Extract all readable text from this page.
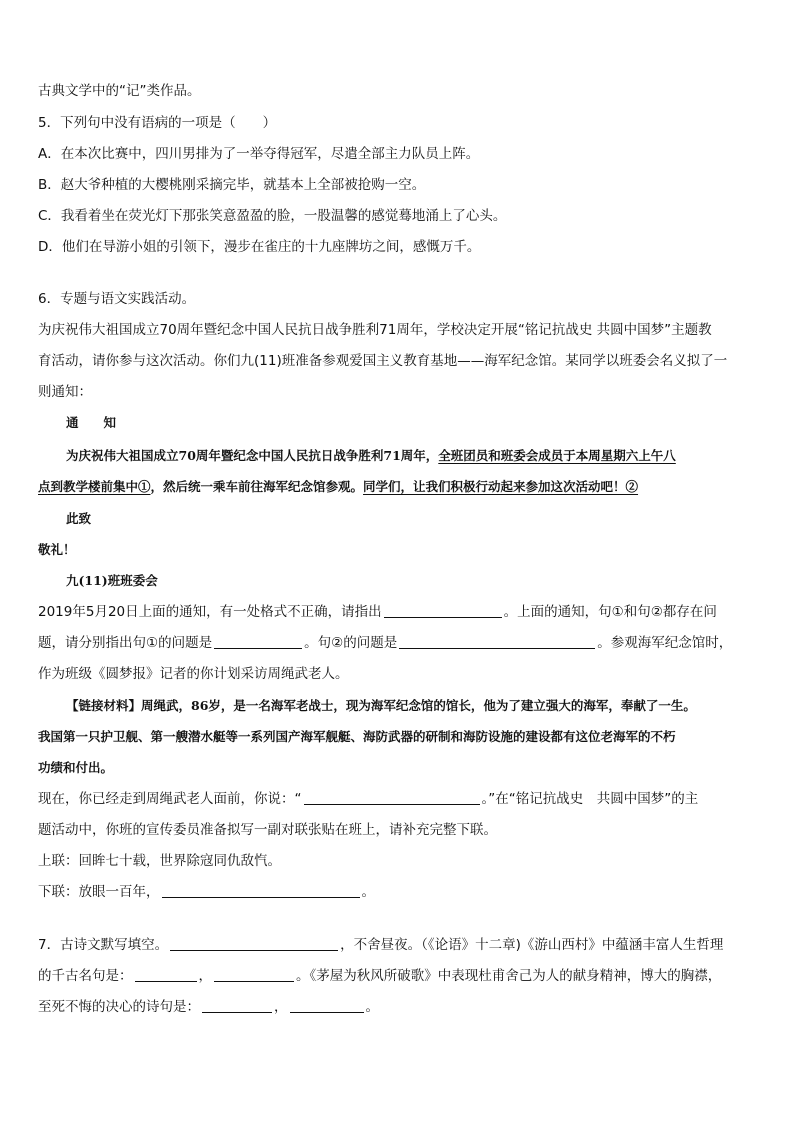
古典文学中的“记”类作品。
5．下列句中没有语病的一项是（　　）
A．在本次比赛中，四川男排为了一举夺得冠军，尽遣全部主力队员上阵。
B．赵大爷种植的大樱桃刚采摘完毕，就基本上全部被抢购一空。
C．我看着坐在荧光灯下那张笑意盈盈的脸，一股温馨的感觉蓦地涌上了心头。
D．他们在导游小姐的引领下，漫步在雀庄的十九座牌坊之间，感慨万千。
6．专题与语文实践活动。
为庆祝伟大祖国成立70周年暨纪念中国人民抗日战争胜利71周年，学校决定开展“铭记抗战史 共圆中国梦”主题教
育活动，请你参与这次活动。你们九(11)班准备参观爱国主义教育基地——海军纪念馆。某同学以班委会名义拟了一
则通知：
通　　知
为庆祝伟大祖国成立70周年暨纪念中国人民抗日战争胜利71周年，全班团员和班委会成员于本周星期六上午八
点到教学楼前集中①，然后统一乘车前往海军纪念馆参观。同学们，让我们积极行动起来参加这次活动吧！②
此致
敬礼！
九(11)班班委会
2019年5月20日上面的通知，有一处格式不正确，请指出	。上面的通知，句①和句②都存在问
题，请分别指出句①的问题是	。句②的问题是	。参观海军纪念馆时，
作为班级《圆梦报》记者的你计划采访周绳武老人。
【链接材料】周绳武，86岁，是一名海军老战士，现为海军纪念馆的馆长，他为了建立强大的海军，奉献了一生。
我国第一只护卫舰、第一艘潜水艇等一系列国产海军舰艇、海防武器的研制和海防设施的建设都有这位老海军的不朽
功绩和付出。
现在，你已经走到周绳武老人面前，你说：“	。”在“铭记抗战史　共圆中国梦”的主
题活动中，你班的宣传委员准备拟写一副对联张贴在班上，请补充完整下联。
上联：回眸七十载，世界除寇同仇敌忾。
下联：放眼一百年，	。
7．古诗文默写填空。	，不舍昼夜。（《论语》十二章)《游山西村》中蕴涵丰富人生哲理
的千古名句是：	，	。《茅屋为秋风所破歌》中表现杜甫舍己为人的献身精神，博大的胸襟，
至死不悔的决心的诗句是：	，	。
